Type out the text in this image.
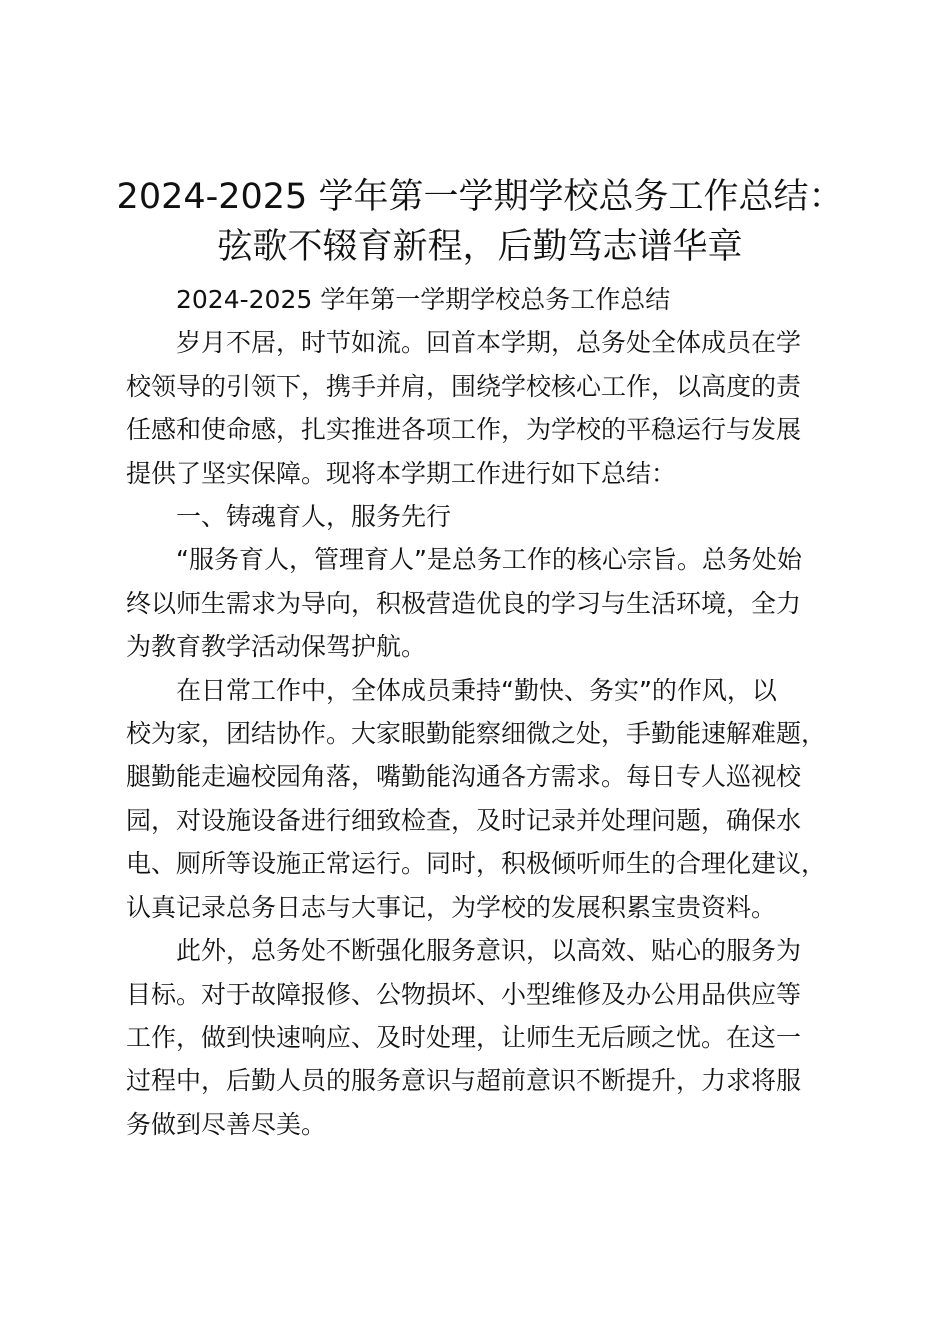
2024-2025 学年第一学期学校总务工作总结：
弦歌不辍育新程，后勤笃志谱华章

2024-2025 学年第一学期学校总务工作总结

岁月不居，时节如流。回首本学期，总务处全体成员在学
校领导的引领下，携手并肩，围绕学校核心工作，以高度的责
任感和使命感，扎实推进各项工作，为学校的平稳运行与发展
提供了坚实保障。现将本学期工作进行如下总结：

一、铸魂育人，服务先行

“服务育人，管理育人”是总务工作的核心宗旨。总务处始
终以师生需求为导向，积极营造优良的学习与生活环境，全力
为教育教学活动保驾护航。

在日常工作中，全体成员秉持“勤快、务实”的作风，以
校为家，团结协作。大家眼勤能察细微之处，手勤能速解难题，
腿勤能走遍校园角落，嘴勤能沟通各方需求。每日专人巡视校
园，对设施设备进行细致检查，及时记录并处理问题，确保水
电、厕所等设施正常运行。同时，积极倾听师生的合理化建议，
认真记录总务日志与大事记，为学校的发展积累宝贵资料。

此外，总务处不断强化服务意识，以高效、贴心的服务为
目标。对于故障报修、公物损坏、小型维修及办公用品供应等
工作，做到快速响应、及时处理，让师生无后顾之忧。在这一
过程中，后勤人员的服务意识与超前意识不断提升，力求将服
务做到尽善尽美。
